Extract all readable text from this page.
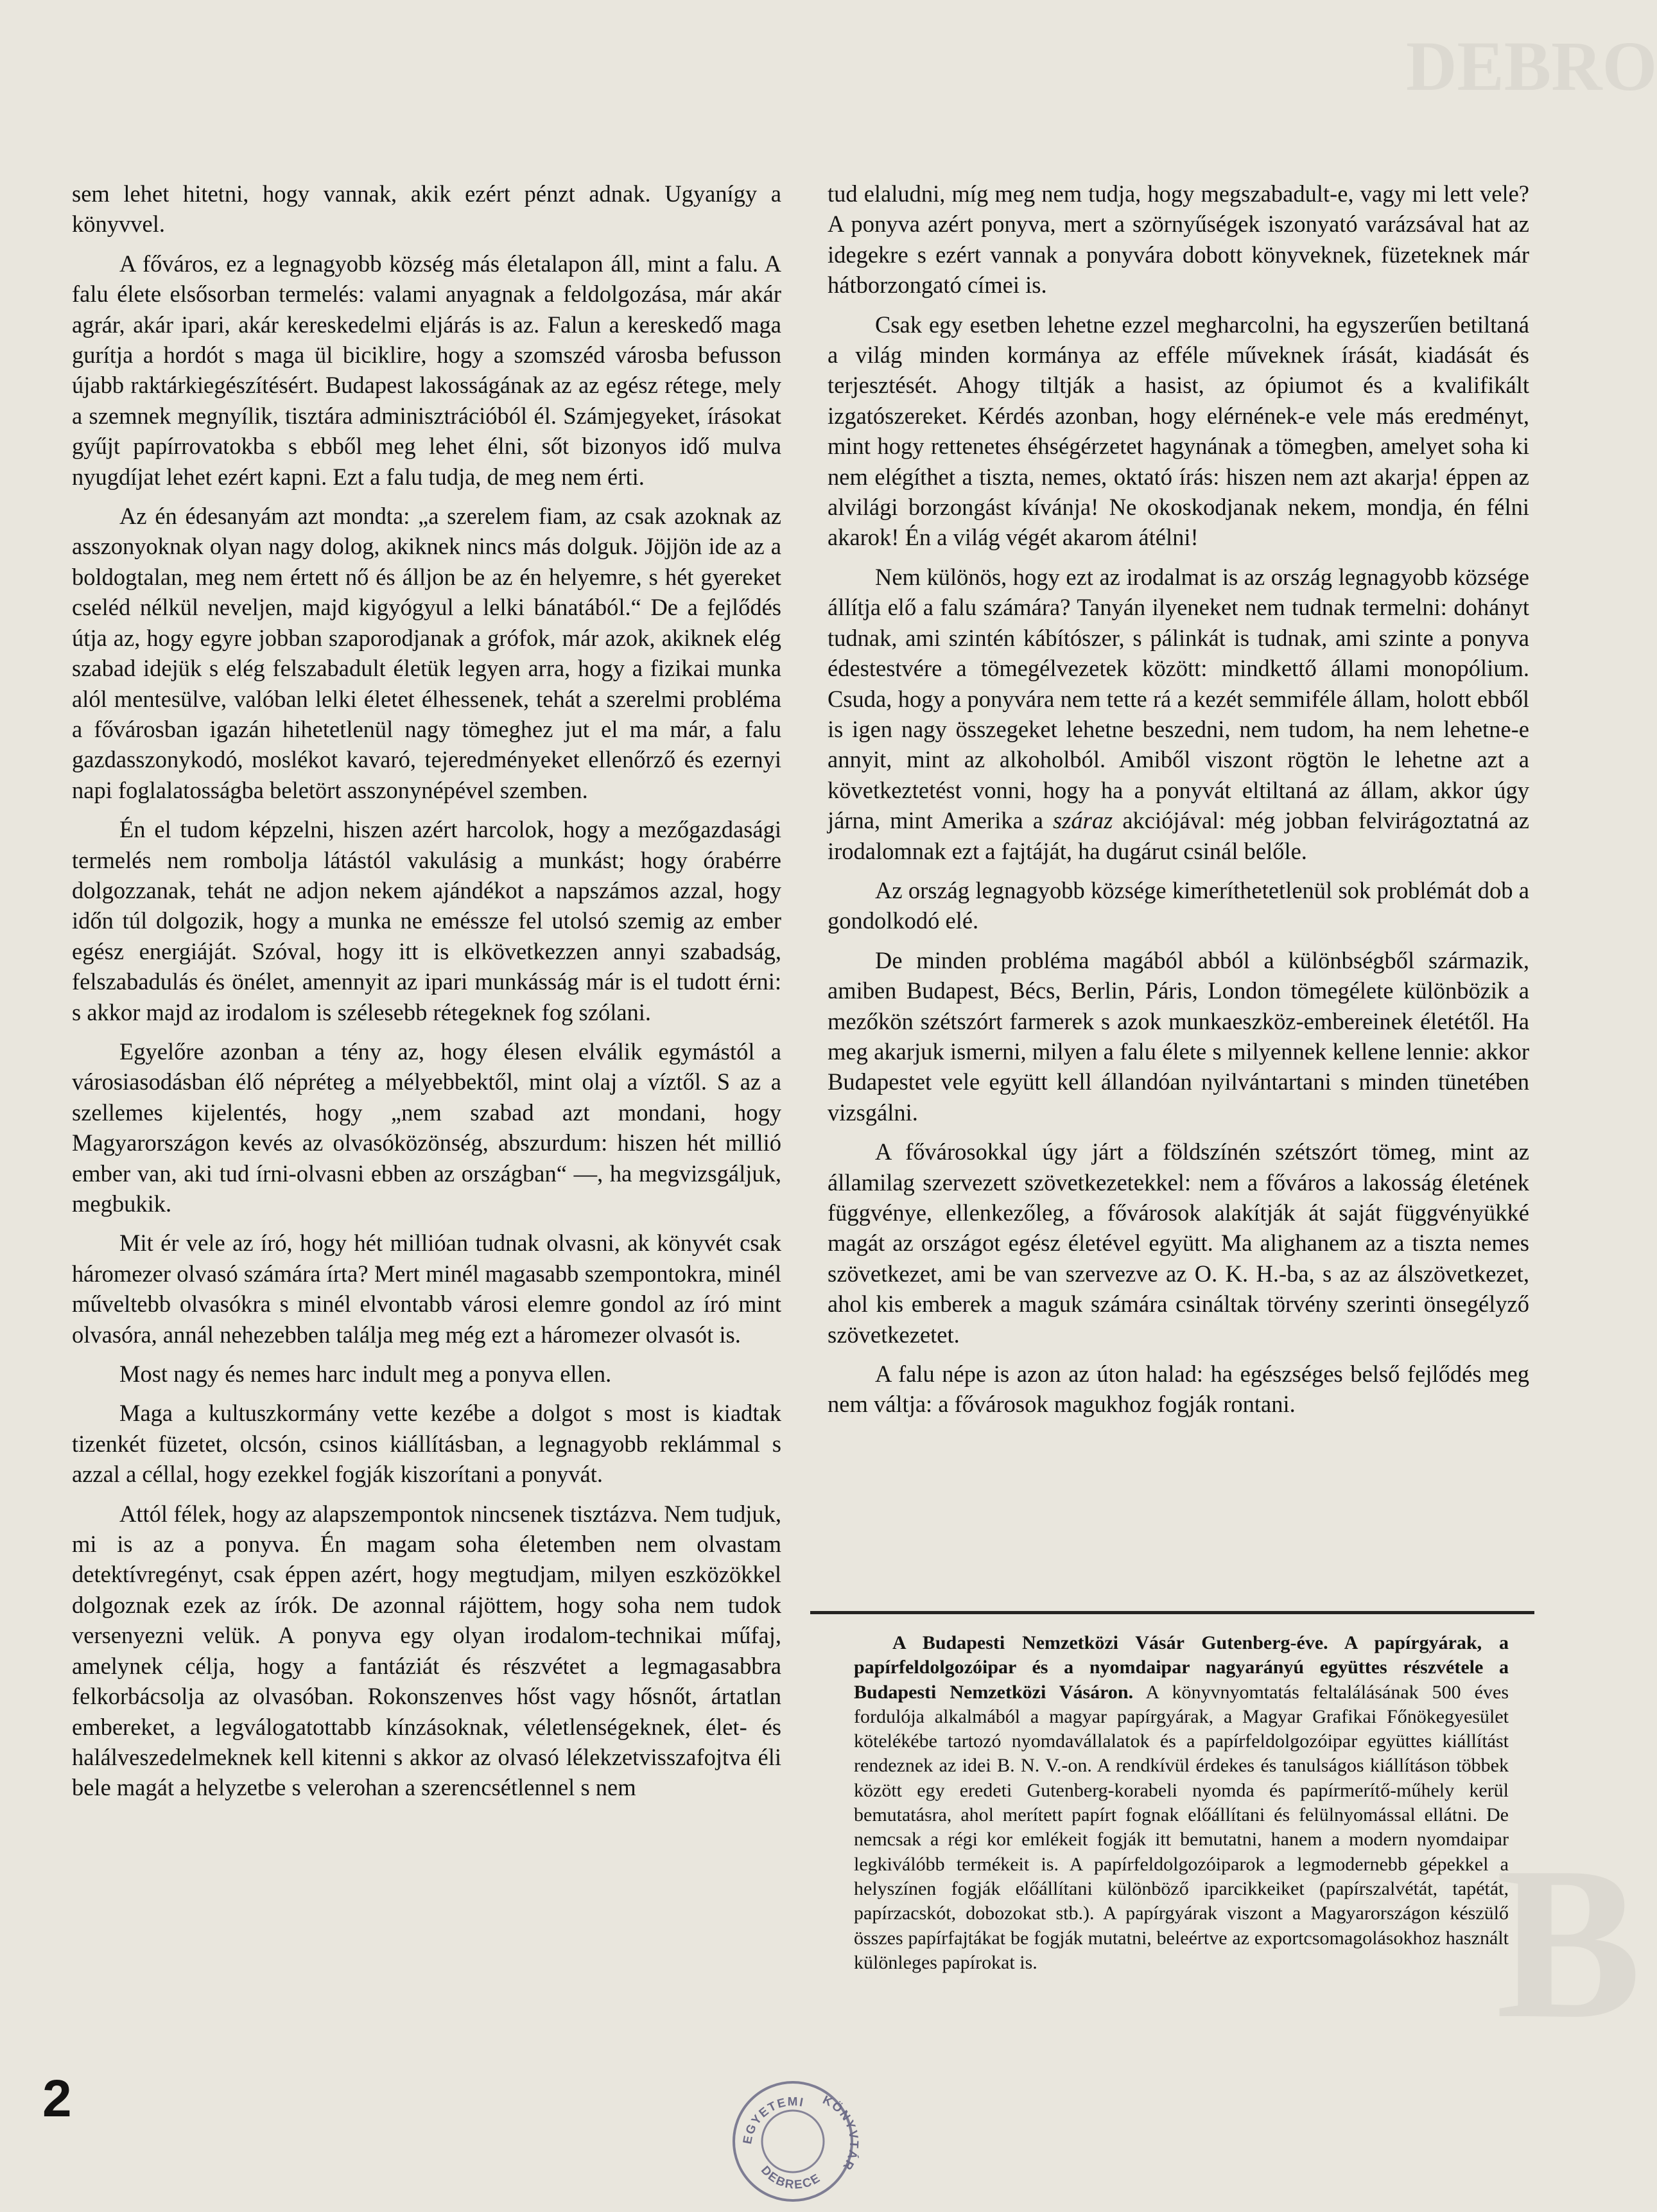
DEBRO
B

sem lehet hitetni, hogy vannak, akik ezért pénzt adnak. Ugyanígy a könyvvel.

A főváros, ez a legnagyobb község más életalapon áll, mint a falu. A falu élete elsősorban termelés: valami anyagnak a feldolgozása, már akár agrár, akár ipari, akár kereskedelmi eljárás is az. Falun a kereskedő maga gurítja a hordót s maga ül biciklire, hogy a szomszéd városba befusson újabb raktárkiegészítésért. Budapest lakosságának az az egész rétege, mely a szemnek megnyílik, tisztára adminisztrációból él. Számjegyeket, írásokat gyűjt papírrovatokba s ebből meg lehet élni, sőt bizonyos idő mulva nyugdíjat lehet ezért kapni. Ezt a falu tudja, de meg nem érti.

Az én édesanyám azt mondta: „a szerelem fiam, az csak azoknak az asszonyoknak olyan nagy dolog, akiknek nincs más dolguk. Jöjjön ide az a boldogtalan, meg nem értett nő és álljon be az én helyemre, s hét gyereket cseléd nélkül neveljen, majd kigyógyul a lelki bánatából.“ De a fejlődés útja az, hogy egyre jobban szaporodjanak a grófok, már azok, akiknek elég szabad idejük s elég felszabadult életük legyen arra, hogy a fizikai munka alól mentesülve, valóban lelki életet élhessenek, tehát a szerelmi probléma a fővárosban igazán hihetetlenül nagy tömeghez jut el ma már, a falu gazdasszonykodó, moslékot kavaró, tejeredményeket ellenőrző és ezernyi napi foglalatosságba beletört asszonynépével szemben.

Én el tudom képzelni, hiszen azért harcolok, hogy a mezőgazdasági termelés nem rombolja látástól vakulásig a munkást; hogy órabérre dolgozzanak, tehát ne adjon nekem ajándékot a napszámos azzal, hogy időn túl dolgozik, hogy a munka ne emésszе fel utolsó szemig az ember egész energiáját. Szóval, hogy itt is elkövetkezzen annyi szabadság, felszabadulás és önélet, amennyit az ipari munkásság már is el tudott érni: s akkor majd az irodalom is szélesebb rétegeknek fog szólani.

Egyelőre azonban a tény az, hogy élesen elválik egymástól a városiasodásban élő népréteg a mélyebbektől, mint olaj a víztől. S az a szellemes kijelentés, hogy „nem szabad azt mondani, hogy Magyarországon kevés az olvasóközönség, abszurdum: hiszen hét millió ember van, aki tud írni-olvasni ebben az országban“ —, ha megvizsgáljuk, megbukik.

Mit ér vele az író, hogy hét millióan tudnak olvasni, ak könyvét csak háromezer olvasó számára írta? Mert minél magasabb szempontokra, minél műveltebb olvasókra s minél elvontabb városi elemre gondol az író mint olvasóra, annál nehezebben találja meg még ezt a háromezer olvasót is.

Most nagy és nemes harc indult meg a ponyva ellen.

Maga a kultuszkormány vette kezébe a dolgot s most is kiadtak tizenkét füzetet, olcsón, csinos kiállításban, a legnagyobb reklámmal s azzal a céllal, hogy ezekkel fogják kiszorítani a ponyvát.

Attól félek, hogy az alapszempontok nincsenek tisztázva. Nem tudjuk, mi is az a ponyva. Én magam soha életemben nem olvastam detektívregényt, csak éppen azért, hogy megtudjam, milyen eszközökkel dolgoznak ezek az írók. De azonnal rájöttem, hogy soha nem tudok versenyezni velük. A ponyva egy olyan irodalom-technikai műfaj, amelynek célja, hogy a fantáziát és részvétet a legmagasabbra felkorbácsolja az olvasóban. Rokonszenves hőst vagy hősnőt, ártatlan embereket, a legválogatottabb kínzásoknak, véletlenségeknek, élet- és halálveszedelmeknek kell kitenni s akkor az olvasó lélekzetvisszafojtva éli bele magát a helyzetbe s velerohan a szerencsétlennel s nem

tud elaludni, míg meg nem tudja, hogy megszabadult-e, vagy mi lett vele? A ponyva azért ponyva, mert a szörnyűségek iszonyató varázsával hat az idegekre s ezért vannak a ponyvára dobott könyveknek, füzeteknek már hátborzongató címei is.

Csak egy esetben lehetne ezzel megharcolni, ha egyszerűen betiltaná a világ minden kormánya az efféle műveknek írását, kiadását és terjesztését. Ahogy tiltják a hasist, az ópiumot és a kvalifikált izgatószereket. Kérdés azonban, hogy elérnének-e vele más eredményt, mint hogy rettenetes éhségérzetet hagynának a tömegben, amelyet soha ki nem elégíthet a tiszta, nemes, oktató írás: hiszen nem azt akarja! éppen az alvilági borzongást kívánja! Ne okoskodjanak nekem, mondja, én félni akarok! Én a világ végét akarom átélni!

Nem különös, hogy ezt az irodalmat is az ország legnagyobb községe állítja elő a falu számára? Tanyán ilyeneket nem tudnak termelni: dohányt tudnak, ami szintén kábítószer, s pálinkát is tudnak, ami szinte a ponyva édestestvére a tömegélvezetek között: mindkettő állami monopólium. Csuda, hogy a ponyvára nem tette rá a kezét semmiféle állam, holott ebből is igen nagy összegeket lehetne beszedni, nem tudom, ha nem lehetne-e annyit, mint az alkoholból. Amiből viszont rögtön le lehetne azt a következtetést vonni, hogy ha a ponyvát eltiltaná az állam, akkor úgy járna, mint Amerika a száraz akciójával: még jobban felvirágoztatná az irodalomnak ezt a fajtáját, ha dugárut csinál belőle.

Az ország legnagyobb községe kimeríthetetlenül sok problémát dob a gondolkodó elé.

De minden probléma magából abból a különbségből származik, amiben Budapest, Bécs, Berlin, Páris, London tömegélete különbözik a mezőkön szétszórt farmerek s azok munkaeszköz-embereinek életétől. Ha meg akarjuk ismerni, milyen a falu élete s milyennek kellene lennie: akkor Budapestet vele együtt kell állandóan nyilvántartani s minden tünetében vizsgálni.

A fővárosokkal úgy járt a földszínén szétszórt tömeg, mint az államilag szervezett szövetkezetekkel: nem a főváros a lakosság életének függvénye, ellenkezőleg, a fővárosok alakítják át saját függvényükké magát az országot egész életével együtt. Ma alighanem az a tiszta nemes szövetkezet, ami be van szervezve az O. K. H.-ba, s az az álszövetkezet, ahol kis emberek a maguk számára csináltak törvény szerinti önsegélyző szövetkezetet.

A falu népe is azon az úton halad: ha egészséges belső fejlődés meg nem váltja: a fővárosok magukhoz fogják rontani.

A Budapesti Nemzetközi Vásár Gutenberg-éve. A papírgyárak, a papírfeldolgozóipar és a nyomdaipar nagyarányú együttes részvétele a Budapesti Nemzetközi Vásáron. A könyvnyomtatás feltalálásának 500 éves fordulója alkalmából a magyar papírgyárak, a Magyar Grafikai Főnökegyesület kötelékébe tartozó nyomdavállalatok és a papírfeldolgozóipar együttes kiállítást rendeznek az idei B. N. V.-on. A rendkívül érdekes és tanulságos kiállításon többek között egy eredeti Gutenberg-korabeli nyomda és papírmerítő-műhely kerül bemutatásra, ahol merített papírt fognak előállítani és felülnyomással ellátni. De nemcsak a régi kor emlékeit fogják itt bemutatni, hanem a modern nyomdaipar legkiválóbb termékeit is. A papírfeldolgozóiparok a legmodernebb gépekkel a helyszínen fogják előállítani különböző iparcikkeiket (papírszalvétát, tapétát, papírzacskót, dobozokat stb.). A papírgyárak viszont a Magyarországon készülő összes papírfajtákat be fogják mutatni, beleértve az exportcsomagolásokhoz használt különleges papírokat is.
2
EGYETEMI KÖNYVTÁR
DEBRECE
